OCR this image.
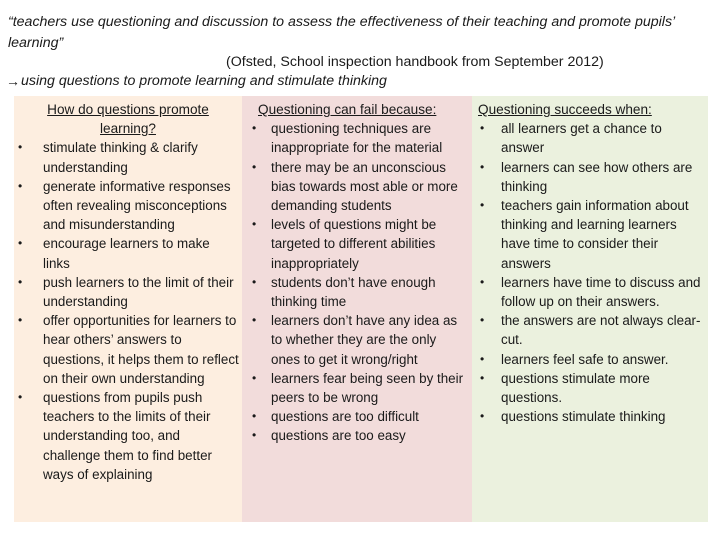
“teachers use questioning and discussion to assess the effectiveness of their teaching and promote pupils’ learning”
(Ofsted, School inspection handbook from September 2012)
→ using questions to promote learning and stimulate thinking
How do questions promote learning?
• stimulate thinking & clarify understanding
• generate informative responses often revealing misconceptions and misunderstanding
• encourage learners to make links
• push learners to the limit of their understanding
• offer opportunities for learners to hear others’ answers to questions, it helps them to reflect on their own understanding
• questions from pupils push teachers to the limits of their understanding too, and challenge them to find better ways of explaining
Questioning can fail because:
• questioning techniques are inappropriate for the material
• there may be an unconscious bias towards most able or more demanding students
• levels of questions might be targeted to different abilities inappropriately
• students don’t have enough thinking time
• learners don’t have any idea as to whether they are the only ones to get it wrong/right
• learners fear being seen by their peers to be wrong
• questions are too difficult
• questions are too easy
Questioning succeeds when:
• all learners get a chance to answer
• learners can see how others are thinking
• teachers gain information about thinking and learning learners have time to consider their answers
• learners have time to discuss and follow up on their answers.
• the answers are not always clear-cut.
• learners feel safe to answer.
• questions stimulate more questions.
• questions stimulate thinking
